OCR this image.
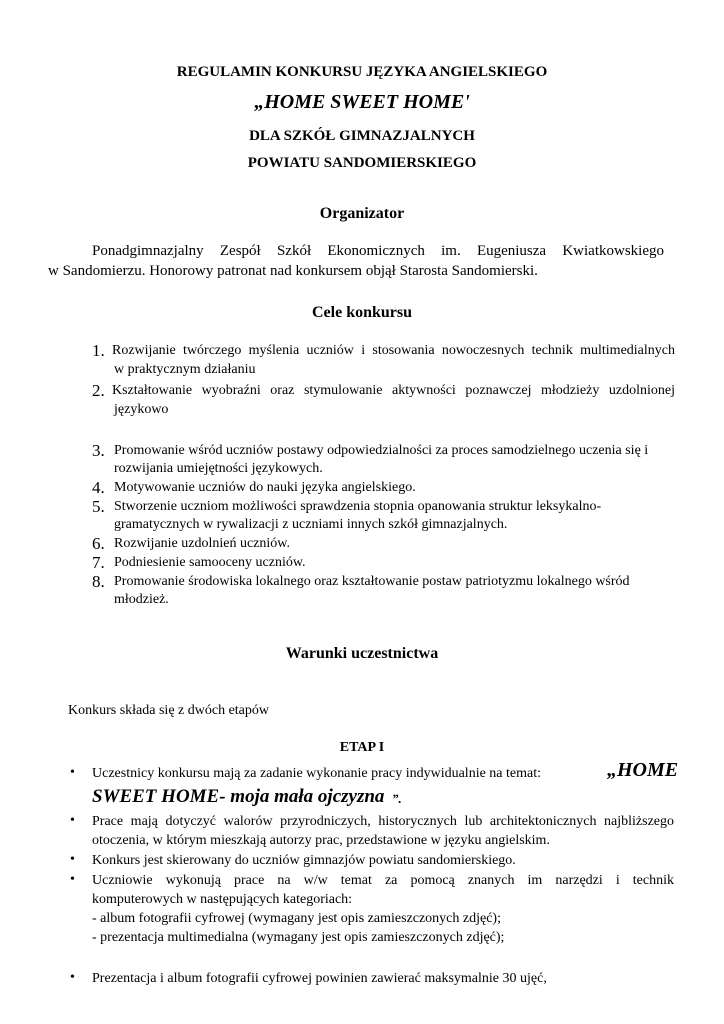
REGULAMIN KONKURSU JĘZYKA ANGIELSKIEGO
„HOME SWEET HOME'
DLA SZKÓŁ GIMNAZJALNYCH
POWIATU SANDOMIERSKIEGO
Organizator
Ponadgimnazjalny Zespół Szkół Ekonomicznych im. Eugeniusza Kwiatkowskiego
w Sandomierzu. Honorowy patronat nad konkursem objął Starosta Sandomierski.
Cele konkursu
1. Rozwijanie twórczego myślenia uczniów i stosowania nowoczesnych technik multimedialnych
w praktycznym działaniu
2. Kształtowanie wyobraźni oraz stymulowanie aktywności poznawczej młodzieży uzdolnionej
językowo
3. Promowanie wśród uczniów postawy odpowiedzialności za proces samodzielnego uczenia się i
rozwijania umiejętności językowych.
4. Motywowanie uczniów do nauki języka angielskiego.
5. Stworzenie uczniom możliwości sprawdzenia stopnia opanowania struktur leksykalno-
gramatycznych w rywalizacji z uczniami innych szkół gimnazjalnych.
6. Rozwijanie uzdolnień uczniów.
7. Podniesienie samooceny uczniów.
8. Promowanie środowiska lokalnego oraz kształtowanie postaw patriotyzmu lokalnego wśród
młodzież.
Warunki uczestnictwa
Konkurs składa się z dwóch etapów
ETAP I
• Uczestnicy konkursu mają za zadanie wykonanie pracy indywidualnie na temat:	„HOME
SWEET HOME- moja mała ojczyzna ”.
• Prace mają dotyczyć walorów przyrodniczych, historycznych lub architektonicznych najbliższego
otoczenia, w którym mieszkają autorzy prac, przedstawione w języku angielskim.
• Konkurs jest skierowany do uczniów gimnazjów powiatu sandomierskiego.
• Uczniowie wykonują prace na w/w temat za pomocą znanych im narzędzi i technik
komputerowych w następujących kategoriach:
- album fotografii cyfrowej (wymagany jest opis zamieszczonych zdjęć);
- prezentacja multimedialna (wymagany jest opis zamieszczonych zdjęć);
• Prezentacja i album fotografii cyfrowej powinien zawierać maksymalnie 30 ujęć,
